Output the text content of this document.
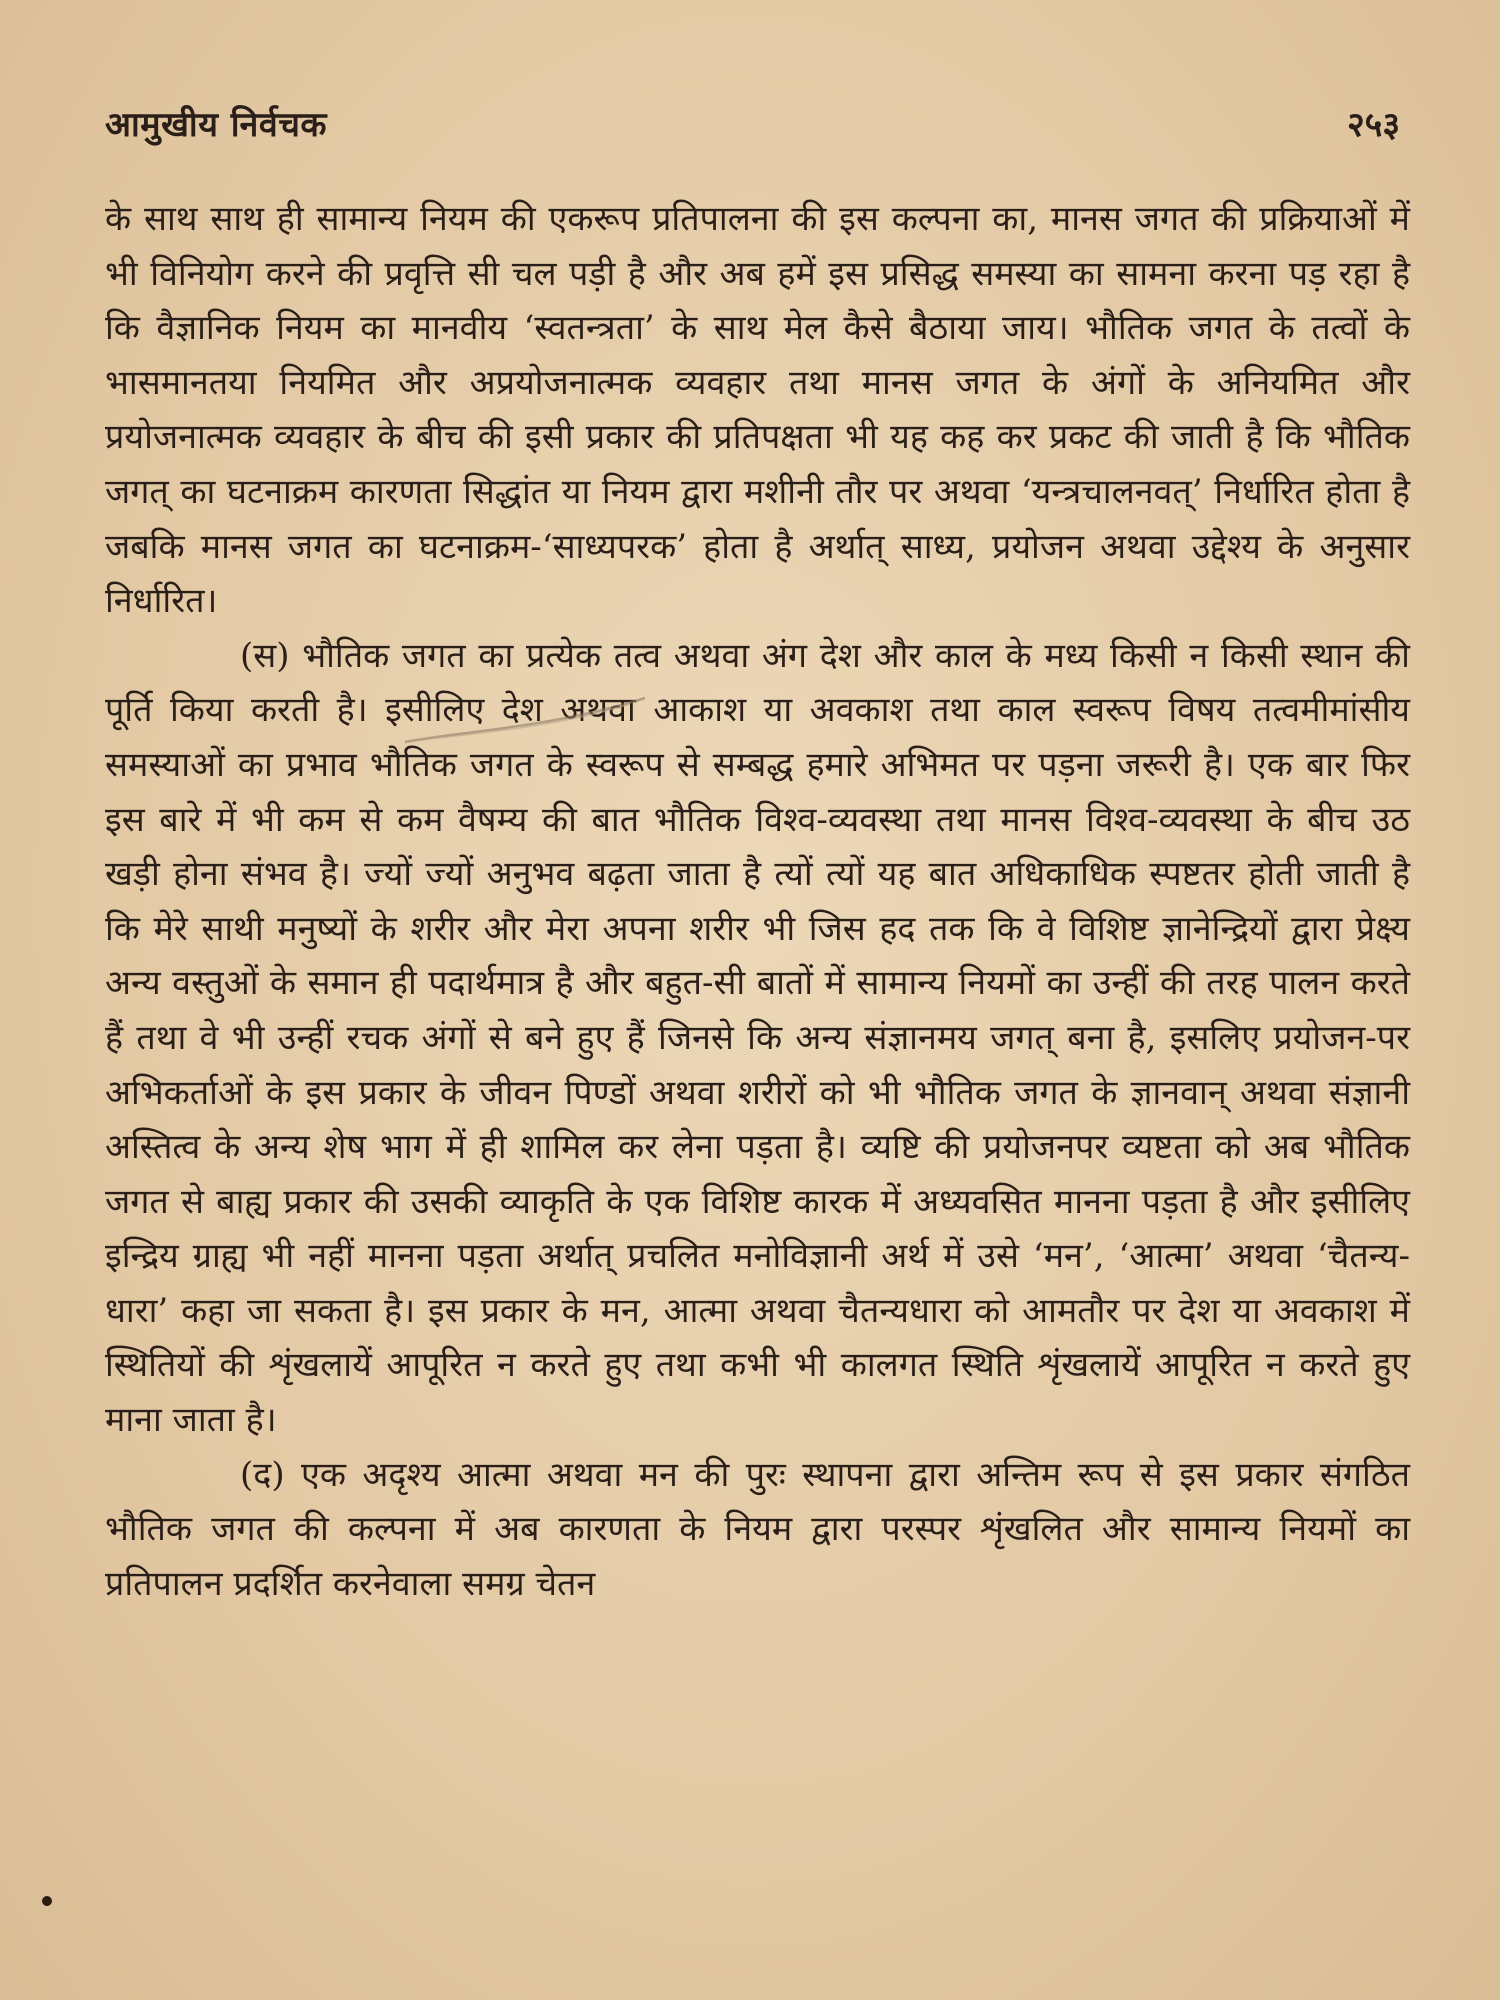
आमुखीय निर्वचक	२५३

के साथ साथ ही सामान्य नियम की एकरूप प्रतिपालना की इस कल्पना का, मानस जगत की प्रक्रियाओं में भी विनियोग करने की प्रवृत्ति सी चल पड़ी है और अब हमें इस प्रसिद्ध समस्या का सामना करना पड़ रहा है कि वैज्ञानिक नियम का मानवीय ‘स्वतन्त्रता’ के साथ मेल कैसे बैठाया जाय। भौतिक जगत के तत्वों के भासमानतया नियमित और अप्रयोजनात्मक व्यवहार तथा मानस जगत के अंगों के अनियमित और प्रयोजनात्मक व्यवहार के बीच की इसी प्रकार की प्रतिपक्षता भी यह कह कर प्रकट की जाती है कि भौतिक जगत् का घटनाक्रम कारणता सिद्धांत या नियम द्वारा मशीनी तौर पर अथवा ‘यन्त्रचालनवत्’ निर्धारित होता है जबकि मानस जगत का घटनाक्रम-‘साध्यपरक’ होता है अर्थात् साध्य, प्रयोजन अथवा उद्देश्य के अनुसार निर्धारित।

(स) भौतिक जगत का प्रत्येक तत्व अथवा अंग देश और काल के मध्य किसी न किसी स्थान की पूर्ति किया करती है। इसीलिए देश अथवा आकाश या अवकाश तथा काल स्वरूप विषय तत्वमीमांसीय समस्याओं का प्रभाव भौतिक जगत के स्वरूप से सम्बद्ध हमारे अभिमत पर पड़ना जरूरी है। एक बार फिर इस बारे में भी कम से कम वैषम्य की बात भौतिक विश्व-व्यवस्था तथा मानस विश्व-व्यवस्था के बीच उठ खड़ी होना संभव है। ज्यों ज्यों अनुभव बढ़ता जाता है त्यों त्यों यह बात अधिकाधिक स्पष्टतर होती जाती है कि मेरे साथी मनुष्यों के शरीर और मेरा अपना शरीर भी जिस हद तक कि वे विशिष्ट ज्ञानेन्द्रियों द्वारा प्रेक्ष्य अन्य वस्तुओं के समान ही पदार्थमात्र है और बहुत-सी बातों में सामान्य नियमों का उन्हीं की तरह पालन करते हैं तथा वे भी उन्हीं रचक अंगों से बने हुए हैं जिनसे कि अन्य संज्ञानमय जगत् बना है, इसलिए प्रयोजन-पर अभिकर्ताओं के इस प्रकार के जीवन पिण्डों अथवा शरीरों को भी भौतिक जगत के ज्ञानवान् अथवा संज्ञानी अस्तित्व के अन्य शेष भाग में ही शामिल कर लेना पड़ता है। व्यष्टि की प्रयोजनपर व्यष्टता को अब भौतिक जगत से बाह्य प्रकार की उसकी व्याकृति के एक विशिष्ट कारक में अध्यवसित मानना पड़ता है और इसीलिए इन्द्रिय ग्राह्य भी नहीं मानना पड़ता अर्थात् प्रचलित मनोविज्ञानी अर्थ में उसे ‘मन’, ‘आत्मा’ अथवा ‘चैतन्य-धारा’ कहा जा सकता है। इस प्रकार के मन, आत्मा अथवा चैतन्यधारा को आमतौर पर देश या अवकाश में स्थितियों की शृंखलायें आपूरित न करते हुए तथा कभी भी कालगत स्थिति शृंखलायें आपूरित न करते हुए माना जाता है।

(द) एक अदृश्य आत्मा अथवा मन की पुरः स्थापना द्वारा अन्तिम रूप से इस प्रकार संगठित भौतिक जगत की कल्पना में अब कारणता के नियम द्वारा परस्पर शृंखलित और सामान्य नियमों का प्रतिपालन प्रदर्शित करनेवाला समग्र चेतन
